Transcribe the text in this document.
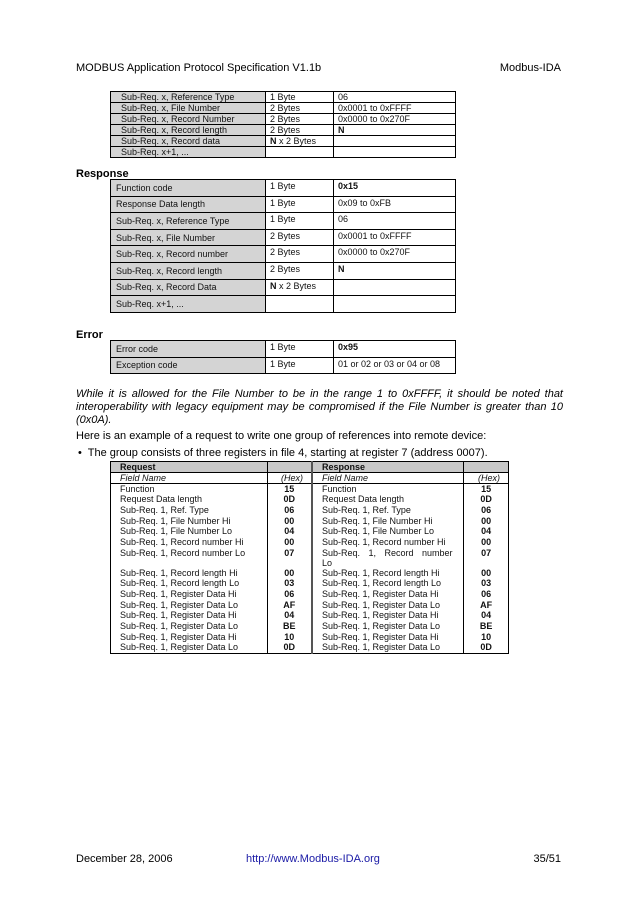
MODBUS Application Protocol Specification V1.1b	Modbus-IDA
Sub-Req. x, Reference Type	1 Byte	06
Sub-Req. x, File Number	2 Bytes	0x0001 to 0xFFFF
Sub-Req. x, Record Number	2 Bytes	0x0000 to 0x270F
Sub-Req. x, Record length	2 Bytes	N
Sub-Req. x, Record data	N x 2 Bytes	
Sub-Req. x+1, ...		
Response
Function code	1 Byte	0x15
Response Data length	1 Byte	0x09 to 0xFB
Sub-Req. x, Reference Type	1 Byte	06
Sub-Req. x, File Number	2 Bytes	0x0001 to 0xFFFF
Sub-Req. x, Record number	2 Bytes	0x0000 to 0x270F
Sub-Req. x, Record length	2 Bytes	N
Sub-Req. x, Record Data	N x 2 Bytes	
Sub-Req. x+1, ...		
Error
Error code	1 Byte	0x95
Exception code	1 Byte	01 or 02 or 03 or 04 or 08
While it is allowed for the File Number to be in the range 1 to 0xFFFF, it should be noted that interoperability with legacy equipment may be compromised if the File Number is greater than 10 (0x0A).
Here is an example of a request to write one group of references into remote device:
•  The group consists of three registers in file 4, starting at register 7 (address 0007).
Request		Response	
Field Name	(Hex)	Field Name	(Hex)
Function	15	Function	15
Request Data length	0D	Request Data length	0D
Sub-Req. 1, Ref. Type	06	Sub-Req. 1, Ref. Type	06
Sub-Req. 1, File Number Hi	00	Sub-Req. 1, File Number Hi	00
Sub-Req. 1, File Number Lo	04	Sub-Req. 1, File Number Lo	04
Sub-Req. 1, Record number Hi	00	Sub-Req. 1, Record number Hi	00
Sub-Req. 1, Record number Lo	07	Sub-Req. 1, Record number Lo	07
Sub-Req. 1, Record length Hi	00	Sub-Req. 1, Record length Hi	00
Sub-Req. 1, Record length Lo	03	Sub-Req. 1, Record length Lo	03
Sub-Req. 1, Register Data Hi	06	Sub-Req. 1, Register Data Hi	06
Sub-Req. 1, Register Data Lo	AF	Sub-Req. 1, Register Data Lo	AF
Sub-Req. 1, Register Data Hi	04	Sub-Req. 1, Register Data Hi	04
Sub-Req. 1, Register Data Lo	BE	Sub-Req. 1, Register Data Lo	BE
Sub-Req. 1, Register Data Hi	10	Sub-Req. 1, Register Data Hi	10
Sub-Req. 1, Register Data Lo	0D	Sub-Req. 1, Register Data Lo	0D
December 28, 2006	http://www.Modbus-IDA.org	35/51
